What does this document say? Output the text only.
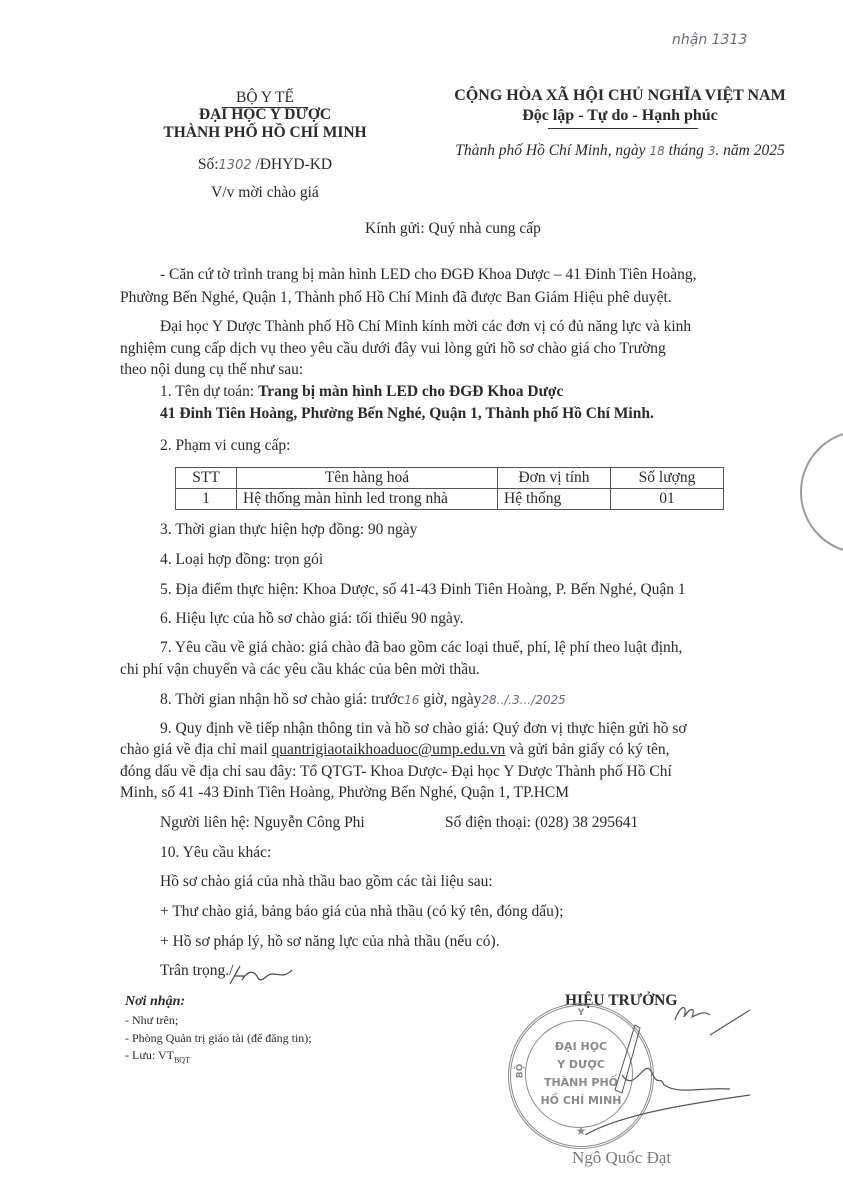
nhận 1313
BỘ Y TẾ
ĐẠI HỌC Y DƯỢC
THÀNH PHỐ HỒ CHÍ MINH
Số:1302 /ĐHYD-KD
V/v mời chào giá
CỘNG HÒA XÃ HỘI CHỦ NGHĨA VIỆT NAM
Độc lập - Tự do - Hạnh phúc
Thành phố Hồ Chí Minh, ngày 18 tháng 3. năm 2025
Kính gửi: Quý nhà cung cấp
- Căn cứ tờ trình trang bị màn hình LED cho ĐGĐ Khoa Dược – 41 Đinh Tiên Hoàng,
Phường Bến Nghé, Quận 1, Thành phố Hồ Chí Minh đã được Ban Giám Hiệu phê duyệt.
Đại học Y Dược Thành phố Hồ Chí Minh kính mời các đơn vị có đủ năng lực và kinh
nghiệm cung cấp dịch vụ theo yêu cầu dưới đây vui lòng gửi hồ sơ chào giá cho Trường
theo nội dung cụ thể như sau:
1. Tên dự toán: Trang bị màn hình LED cho ĐGĐ Khoa Dược
41 Đinh Tiên Hoàng, Phường Bến Nghé, Quận 1, Thành phố Hồ Chí Minh.
2. Phạm vi cung cấp:
STT	Tên hàng hoá	Đơn vị tính	Số lượng
1	Hệ thống màn hình led trong nhà	Hệ thống	01
3. Thời gian thực hiện hợp đồng: 90 ngày
4. Loại hợp đồng: trọn gói
5. Địa điểm thực hiện: Khoa Dược, số 41-43 Đinh Tiên Hoàng, P. Bến Nghé, Quận 1
6. Hiệu lực của hồ sơ chào giá: tối thiểu 90 ngày.
7. Yêu cầu về giá chào: giá chào đã bao gồm các loại thuế, phí, lệ phí theo luật định,
chi phí vận chuyển và các yêu cầu khác của bên mời thầu.
8. Thời gian nhận hồ sơ chào giá: trước16 giờ, ngày28../.3.../2025
9. Quy định về tiếp nhận thông tin và hồ sơ chào giá: Quý đơn vị thực hiện gửi hồ sơ
chào giá về địa chỉ mail quantrigiaotaikhoaduoc@ump.edu.vn và gửi bản giấy có ký tên,
đóng dấu về địa chỉ sau đây: Tổ QTGT- Khoa Dược- Đại học Y Dược Thành phố Hồ Chí
Minh, số 41 -43 Đinh Tiên Hoàng, Phường Bến Nghé, Quận 1, TP.HCM
Người liên hệ: Nguyễn Công Phi	Số điện thoại: (028) 38 295641
10. Yêu cầu khác:
Hồ sơ chào giá của nhà thầu bao gồm các tài liệu sau:
+ Thư chào giá, bảng báo giá của nhà thầu (có ký tên, đóng dấu);
+ Hồ sơ pháp lý, hồ sơ năng lực của nhà thầu (nếu có).
Trân trọng./
Nơi nhận:
- Như trên;
- Phòng Quản trị giáo tài (để đăng tin);
- Lưu: $VT_{BQT}$
HIỆU TRƯỞNG
Y
BỘ
ĐẠI HỌC
Y DƯỢC
THÀNH PHỐ
HỒ CHÍ MINH
★
Ngô Quốc Đạt
